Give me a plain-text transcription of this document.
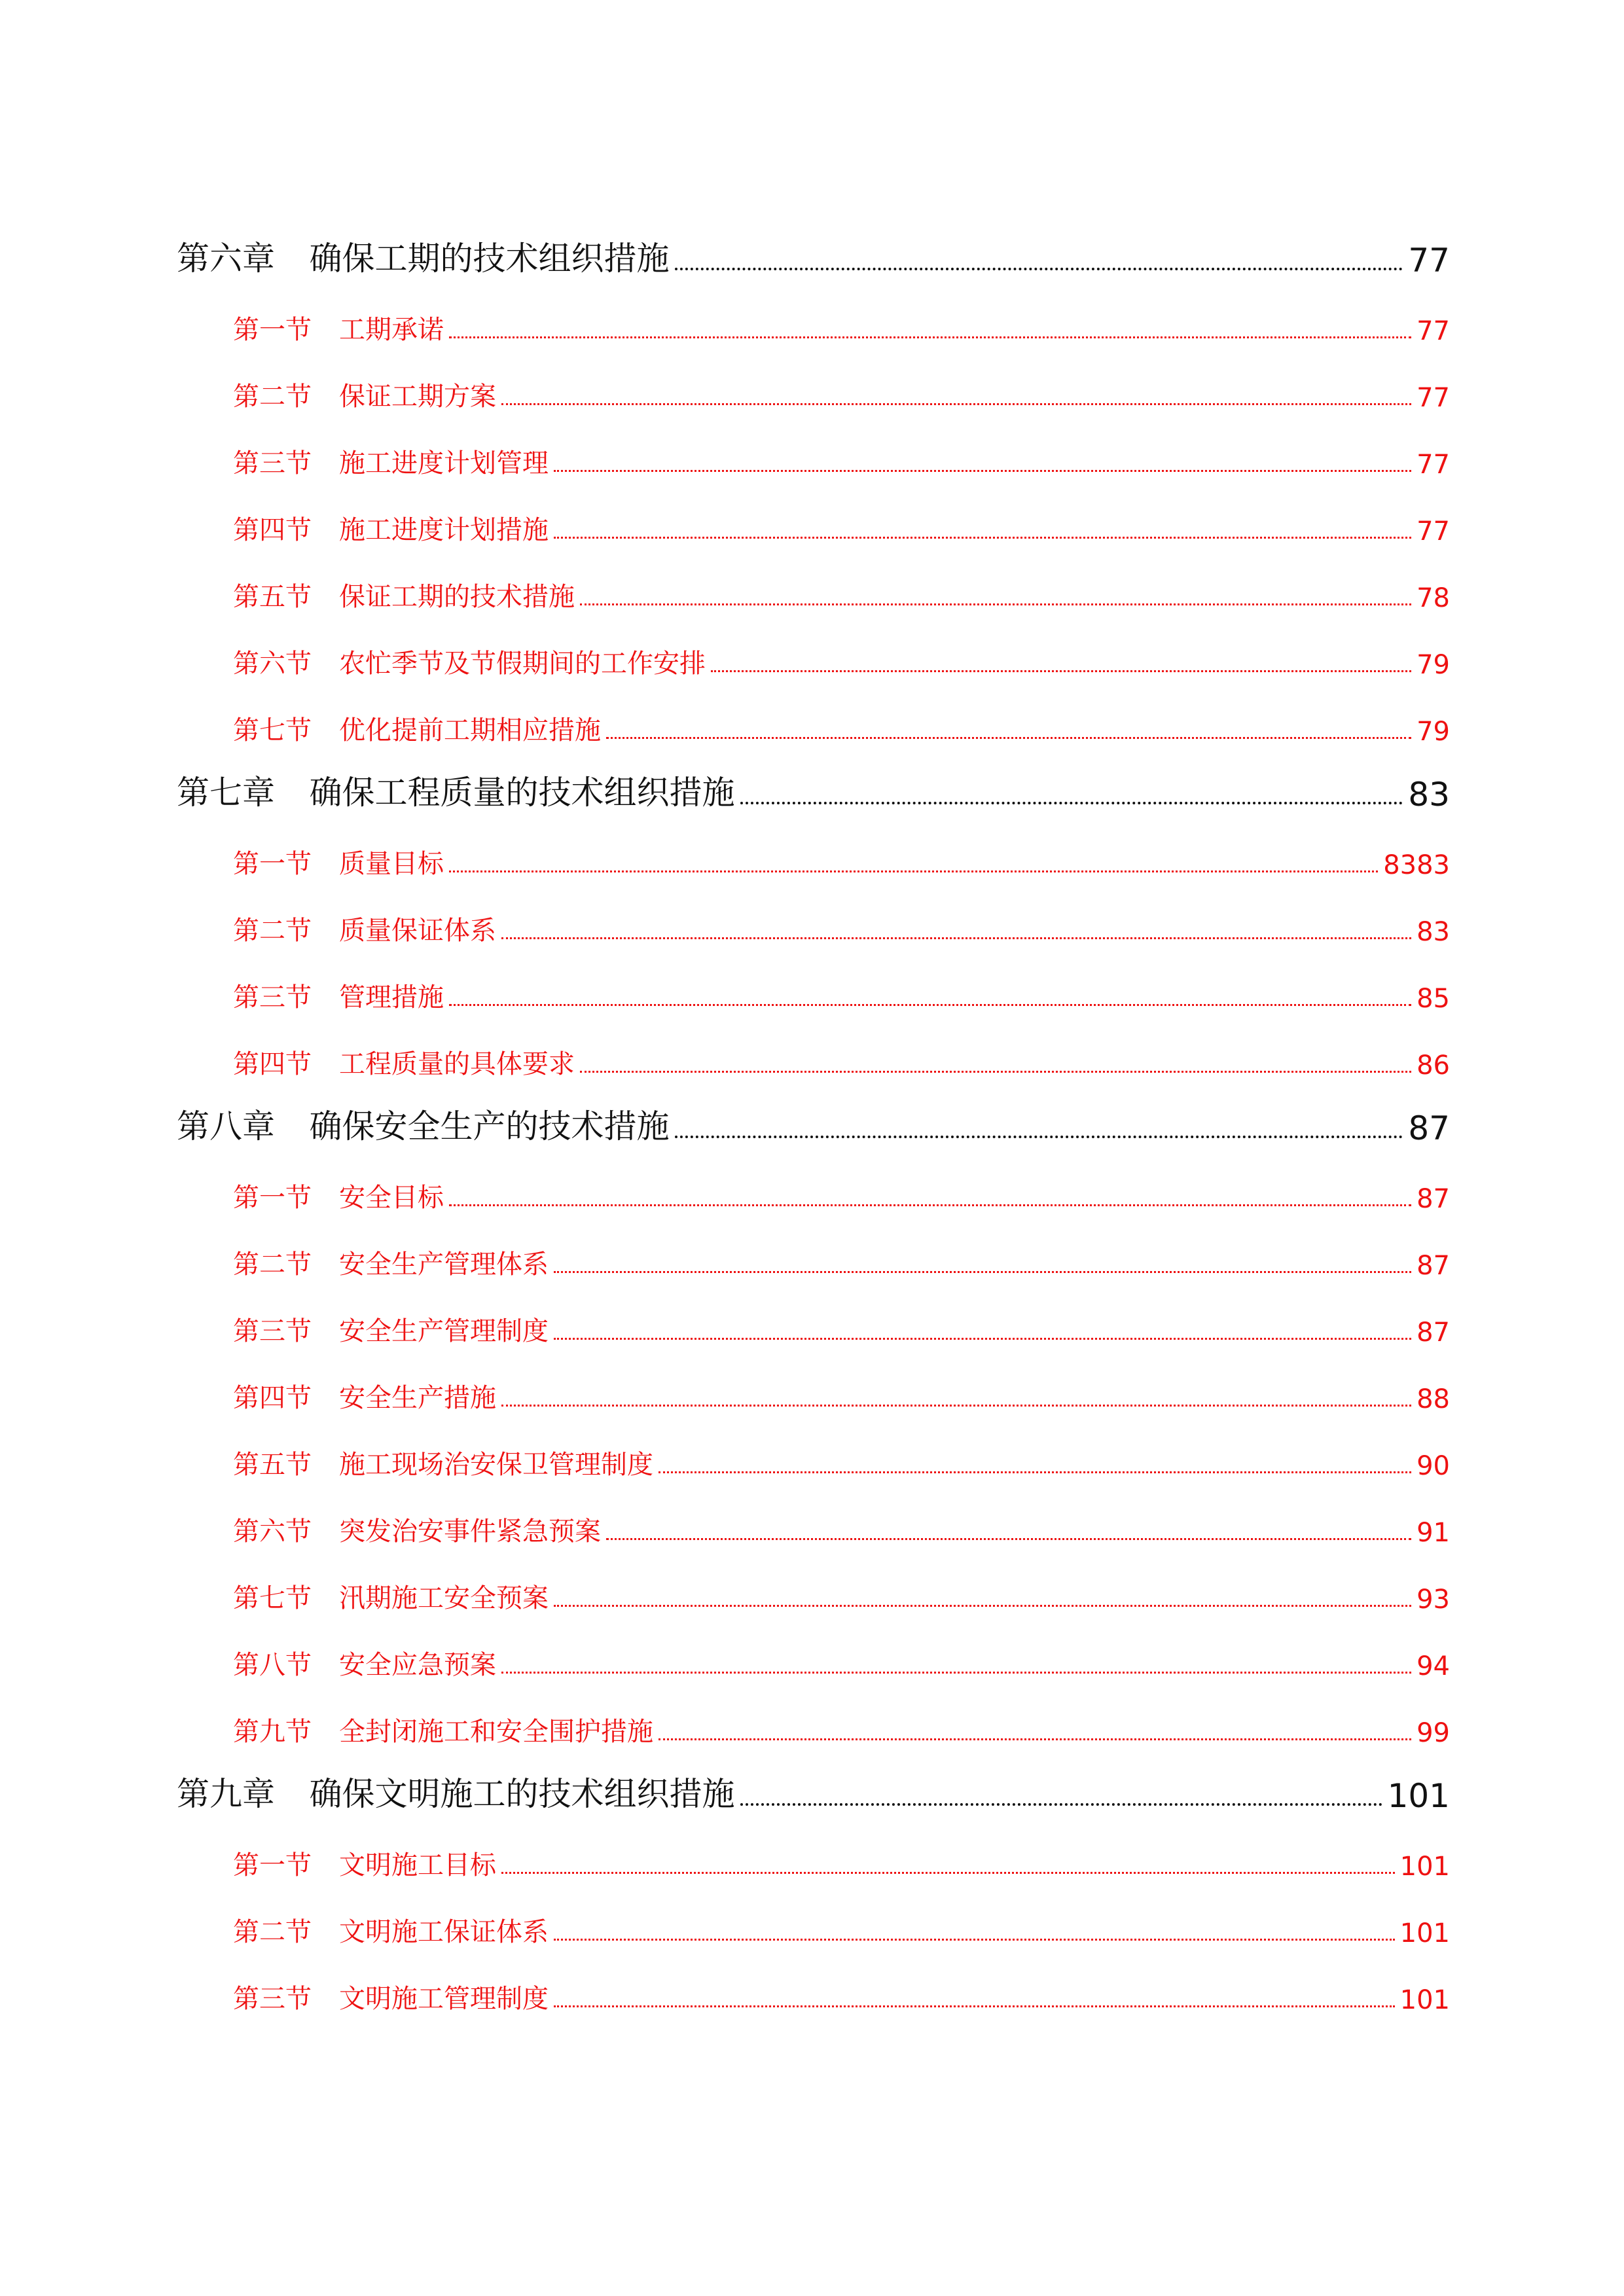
第六章 确保工期的技术组织措施	77
第一节 工期承诺	77
第二节 保证工期方案	77
第三节 施工进度计划管理	77
第四节 施工进度计划措施	77
第五节 保证工期的技术措施	78
第六节 农忙季节及节假期间的工作安排	79
第七节 优化提前工期相应措施	79
第七章 确保工程质量的技术组织措施	83
第一节 质量目标	8383
第二节 质量保证体系	83
第三节 管理措施	85
第四节 工程质量的具体要求	86
第八章 确保安全生产的技术措施	87
第一节 安全目标	87
第二节 安全生产管理体系	87
第三节 安全生产管理制度	87
第四节 安全生产措施	88
第五节 施工现场治安保卫管理制度	90
第六节 突发治安事件紧急预案	91
第七节 汛期施工安全预案	93
第八节 安全应急预案	94
第九节 全封闭施工和安全围护措施	99
第九章 确保文明施工的技术组织措施	101
第一节 文明施工目标	101
第二节 文明施工保证体系	101
第三节 文明施工管理制度	101
